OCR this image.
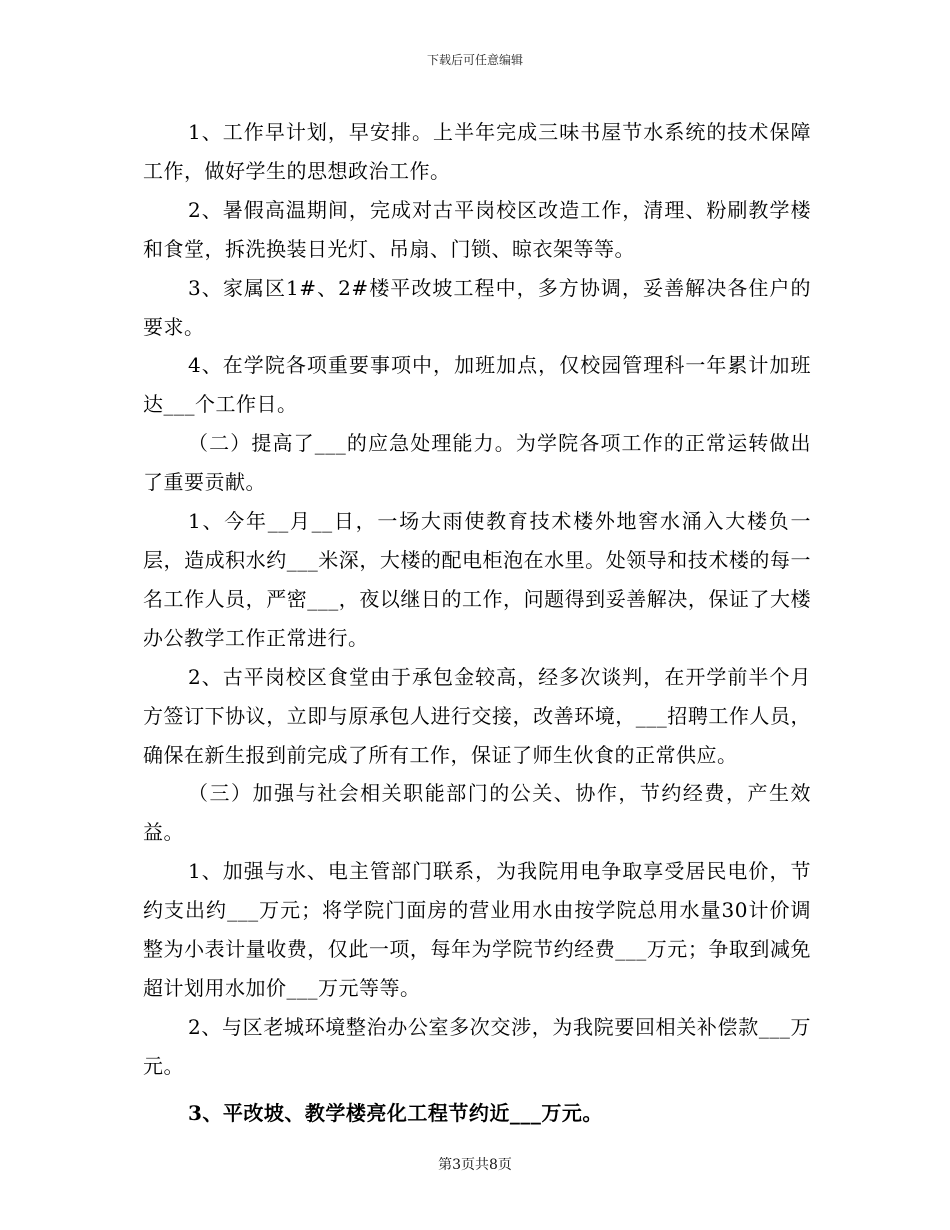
下载后可任意编辑

1、工作早计划，早安排。上半年完成三味书屋节水系统的技术保障工作，做好学生的思想政治工作。

2、暑假高温期间，完成对古平岗校区改造工作，清理、粉刷教学楼和食堂，拆洗换装日光灯、吊扇、门锁、晾衣架等等。

3、家属区1#、2#楼平改坡工程中，多方协调，妥善解决各住户的要求。

4、在学院各项重要事项中，加班加点，仅校园管理科一年累计加班达___个工作日。

（二）提高了___的应急处理能力。为学院各项工作的正常运转做出了重要贡献。

1、今年__月__日，一场大雨使教育技术楼外地窖水涌入大楼负一层，造成积水约___米深，大楼的配电柜泡在水里。处领导和技术楼的每一名工作人员，严密___，夜以继日的工作，问题得到妥善解决，保证了大楼办公教学工作正常进行。

2、古平岗校区食堂由于承包金较高，经多次谈判，在开学前半个月方签订下协议，立即与原承包人进行交接，改善环境，___招聘工作人员，确保在新生报到前完成了所有工作，保证了师生伙食的正常供应。

（三）加强与社会相关职能部门的公关、协作，节约经费，产生效益。

1、加强与水、电主管部门联系，为我院用电争取享受居民电价，节约支出约___万元；将学院门面房的营业用水由按学院总用水量30计价调整为小表计量收费，仅此一项，每年为学院节约经费___万元；争取到减免超计划用水加价___万元等等。

2、与区老城环境整治办公室多次交涉，为我院要回相关补偿款___万元。

3、平改坡、教学楼亮化工程节约近___万元。

第3页共8页
